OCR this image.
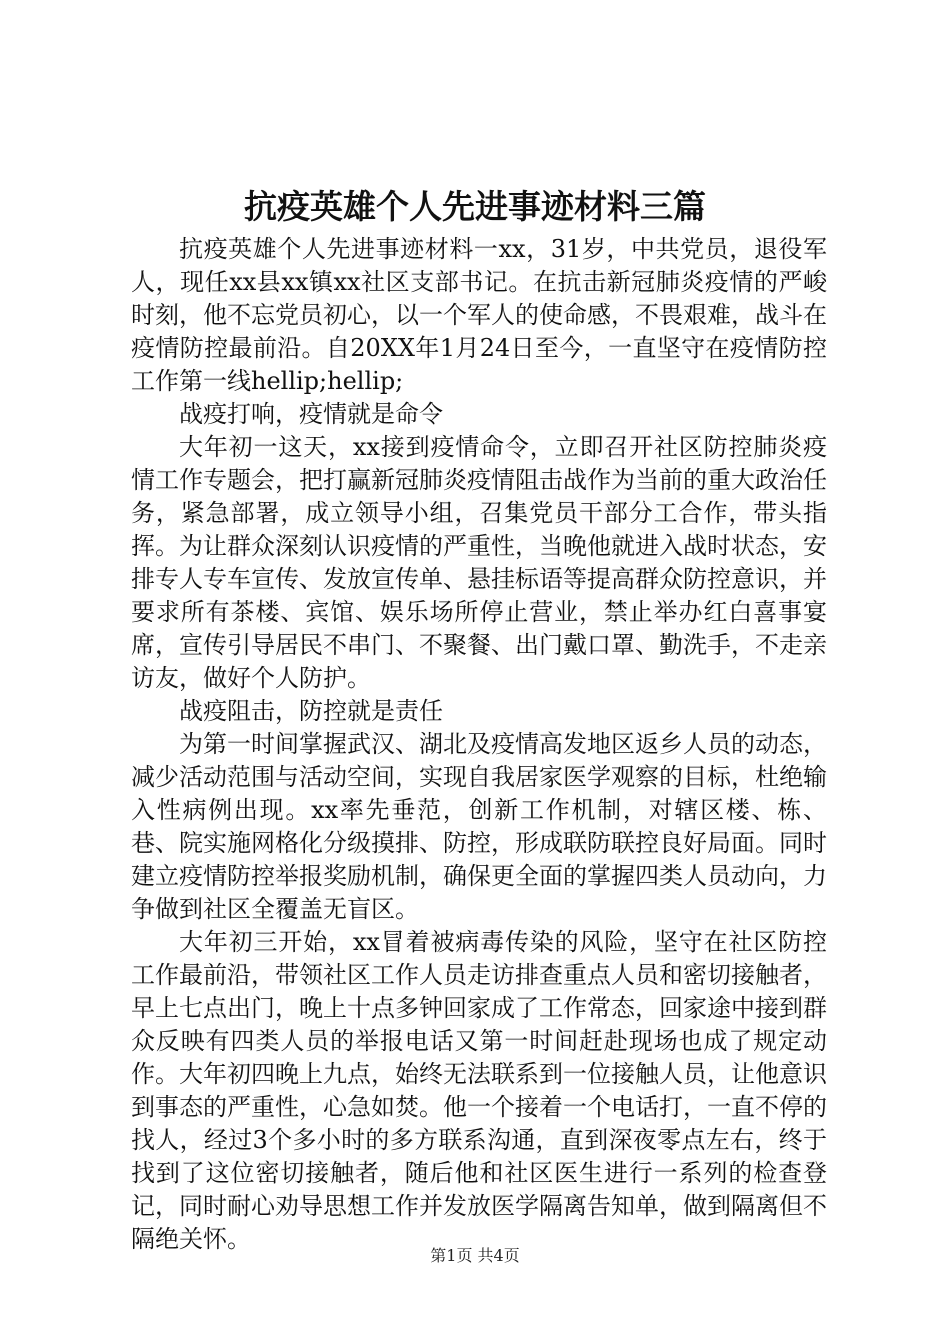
抗疫英雄个人先进事迹材料三篇

抗疫英雄个人先进事迹材料一xx，31岁，中共党员，退役军人，现任xx县xx镇xx社区支部书记。在抗击新冠肺炎疫情的严峻时刻，他不忘党员初心，以一个军人的使命感，不畏艰难，战斗在疫情防控最前沿。自20XX年1月24日至今，一直坚守在疫情防控工作第一线hellip;hellip;

战疫打响，疫情就是命令

大年初一这天，xx接到疫情命令，立即召开社区防控肺炎疫情工作专题会，把打赢新冠肺炎疫情阻击战作为当前的重大政治任务，紧急部署，成立领导小组，召集党员干部分工合作，带头指挥。为让群众深刻认识疫情的严重性，当晚他就进入战时状态，安排专人专车宣传、发放宣传单、悬挂标语等提高群众防控意识，并要求所有茶楼、宾馆、娱乐场所停止营业，禁止举办红白喜事宴席，宣传引导居民不串门、不聚餐、出门戴口罩、勤洗手，不走亲访友，做好个人防护。

战疫阻击，防控就是责任

为第一时间掌握武汉、湖北及疫情高发地区返乡人员的动态，减少活动范围与活动空间，实现自我居家医学观察的目标，杜绝输入性病例出现。xx率先垂范，创新工作机制，对辖区楼、栋、巷、院实施网格化分级摸排、防控，形成联防联控良好局面。同时建立疫情防控举报奖励机制，确保更全面的掌握四类人员动向，力争做到社区全覆盖无盲区。

大年初三开始，xx冒着被病毒传染的风险，坚守在社区防控工作最前沿，带领社区工作人员走访排查重点人员和密切接触者，早上七点出门，晚上十点多钟回家成了工作常态，回家途中接到群众反映有四类人员的举报电话又第一时间赶赴现场也成了规定动作。大年初四晚上九点，始终无法联系到一位接触人员，让他意识到事态的严重性，心急如焚。他一个接着一个电话打，一直不停的找人，经过3个多小时的多方联系沟通，直到深夜零点左右，终于找到了这位密切接触者，随后他和社区医生进行一系列的检查登记，同时耐心劝导思想工作并发放医学隔离告知单，做到隔离但不隔绝关怀。

第1页 共4页
